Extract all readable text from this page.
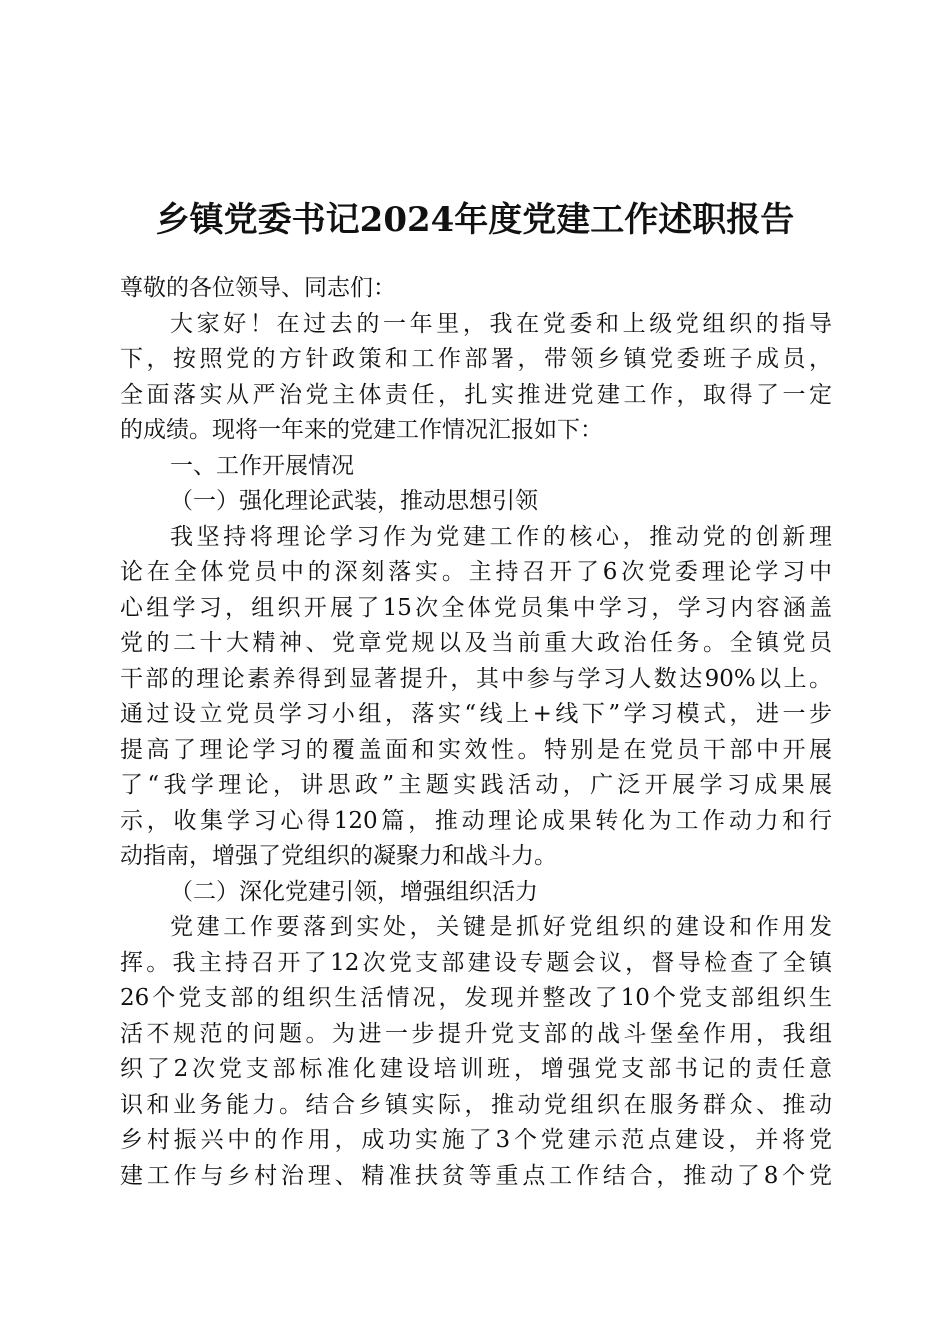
乡镇党委书记2024年度党建工作述职报告
尊敬的各位领导、同志们：
大家好！在过去的一年里，我在党委和上级党组织的指导
下，按照党的方针政策和工作部署，带领乡镇党委班子成员，
全面落实从严治党主体责任，扎实推进党建工作，取得了一定
的成绩。现将一年来的党建工作情况汇报如下：
一、工作开展情况
（一）强化理论武装，推动思想引领
我坚持将理论学习作为党建工作的核心，推动党的创新理
论在全体党员中的深刻落实。主持召开了6次党委理论学习中
心组学习，组织开展了15次全体党员集中学习，学习内容涵盖
党的二十大精神、党章党规以及当前重大政治任务。全镇党员
干部的理论素养得到显著提升，其中参与学习人数达90%以上。
通过设立党员学习小组，落实“线上+线下”学习模式，进一步
提高了理论学习的覆盖面和实效性。特别是在党员干部中开展
了“我学理论，讲思政”主题实践活动，广泛开展学习成果展
示，收集学习心得120篇，推动理论成果转化为工作动力和行
动指南，增强了党组织的凝聚力和战斗力。
（二）深化党建引领，增强组织活力
党建工作要落到实处，关键是抓好党组织的建设和作用发
挥。我主持召开了12次党支部建设专题会议，督导检查了全镇
26个党支部的组织生活情况，发现并整改了10个党支部组织生
活不规范的问题。为进一步提升党支部的战斗堡垒作用，我组
织了2次党支部标准化建设培训班，增强党支部书记的责任意
识和业务能力。结合乡镇实际，推动党组织在服务群众、推动
乡村振兴中的作用，成功实施了3个党建示范点建设，并将党
建工作与乡村治理、精准扶贫等重点工作结合，推动了8个党
